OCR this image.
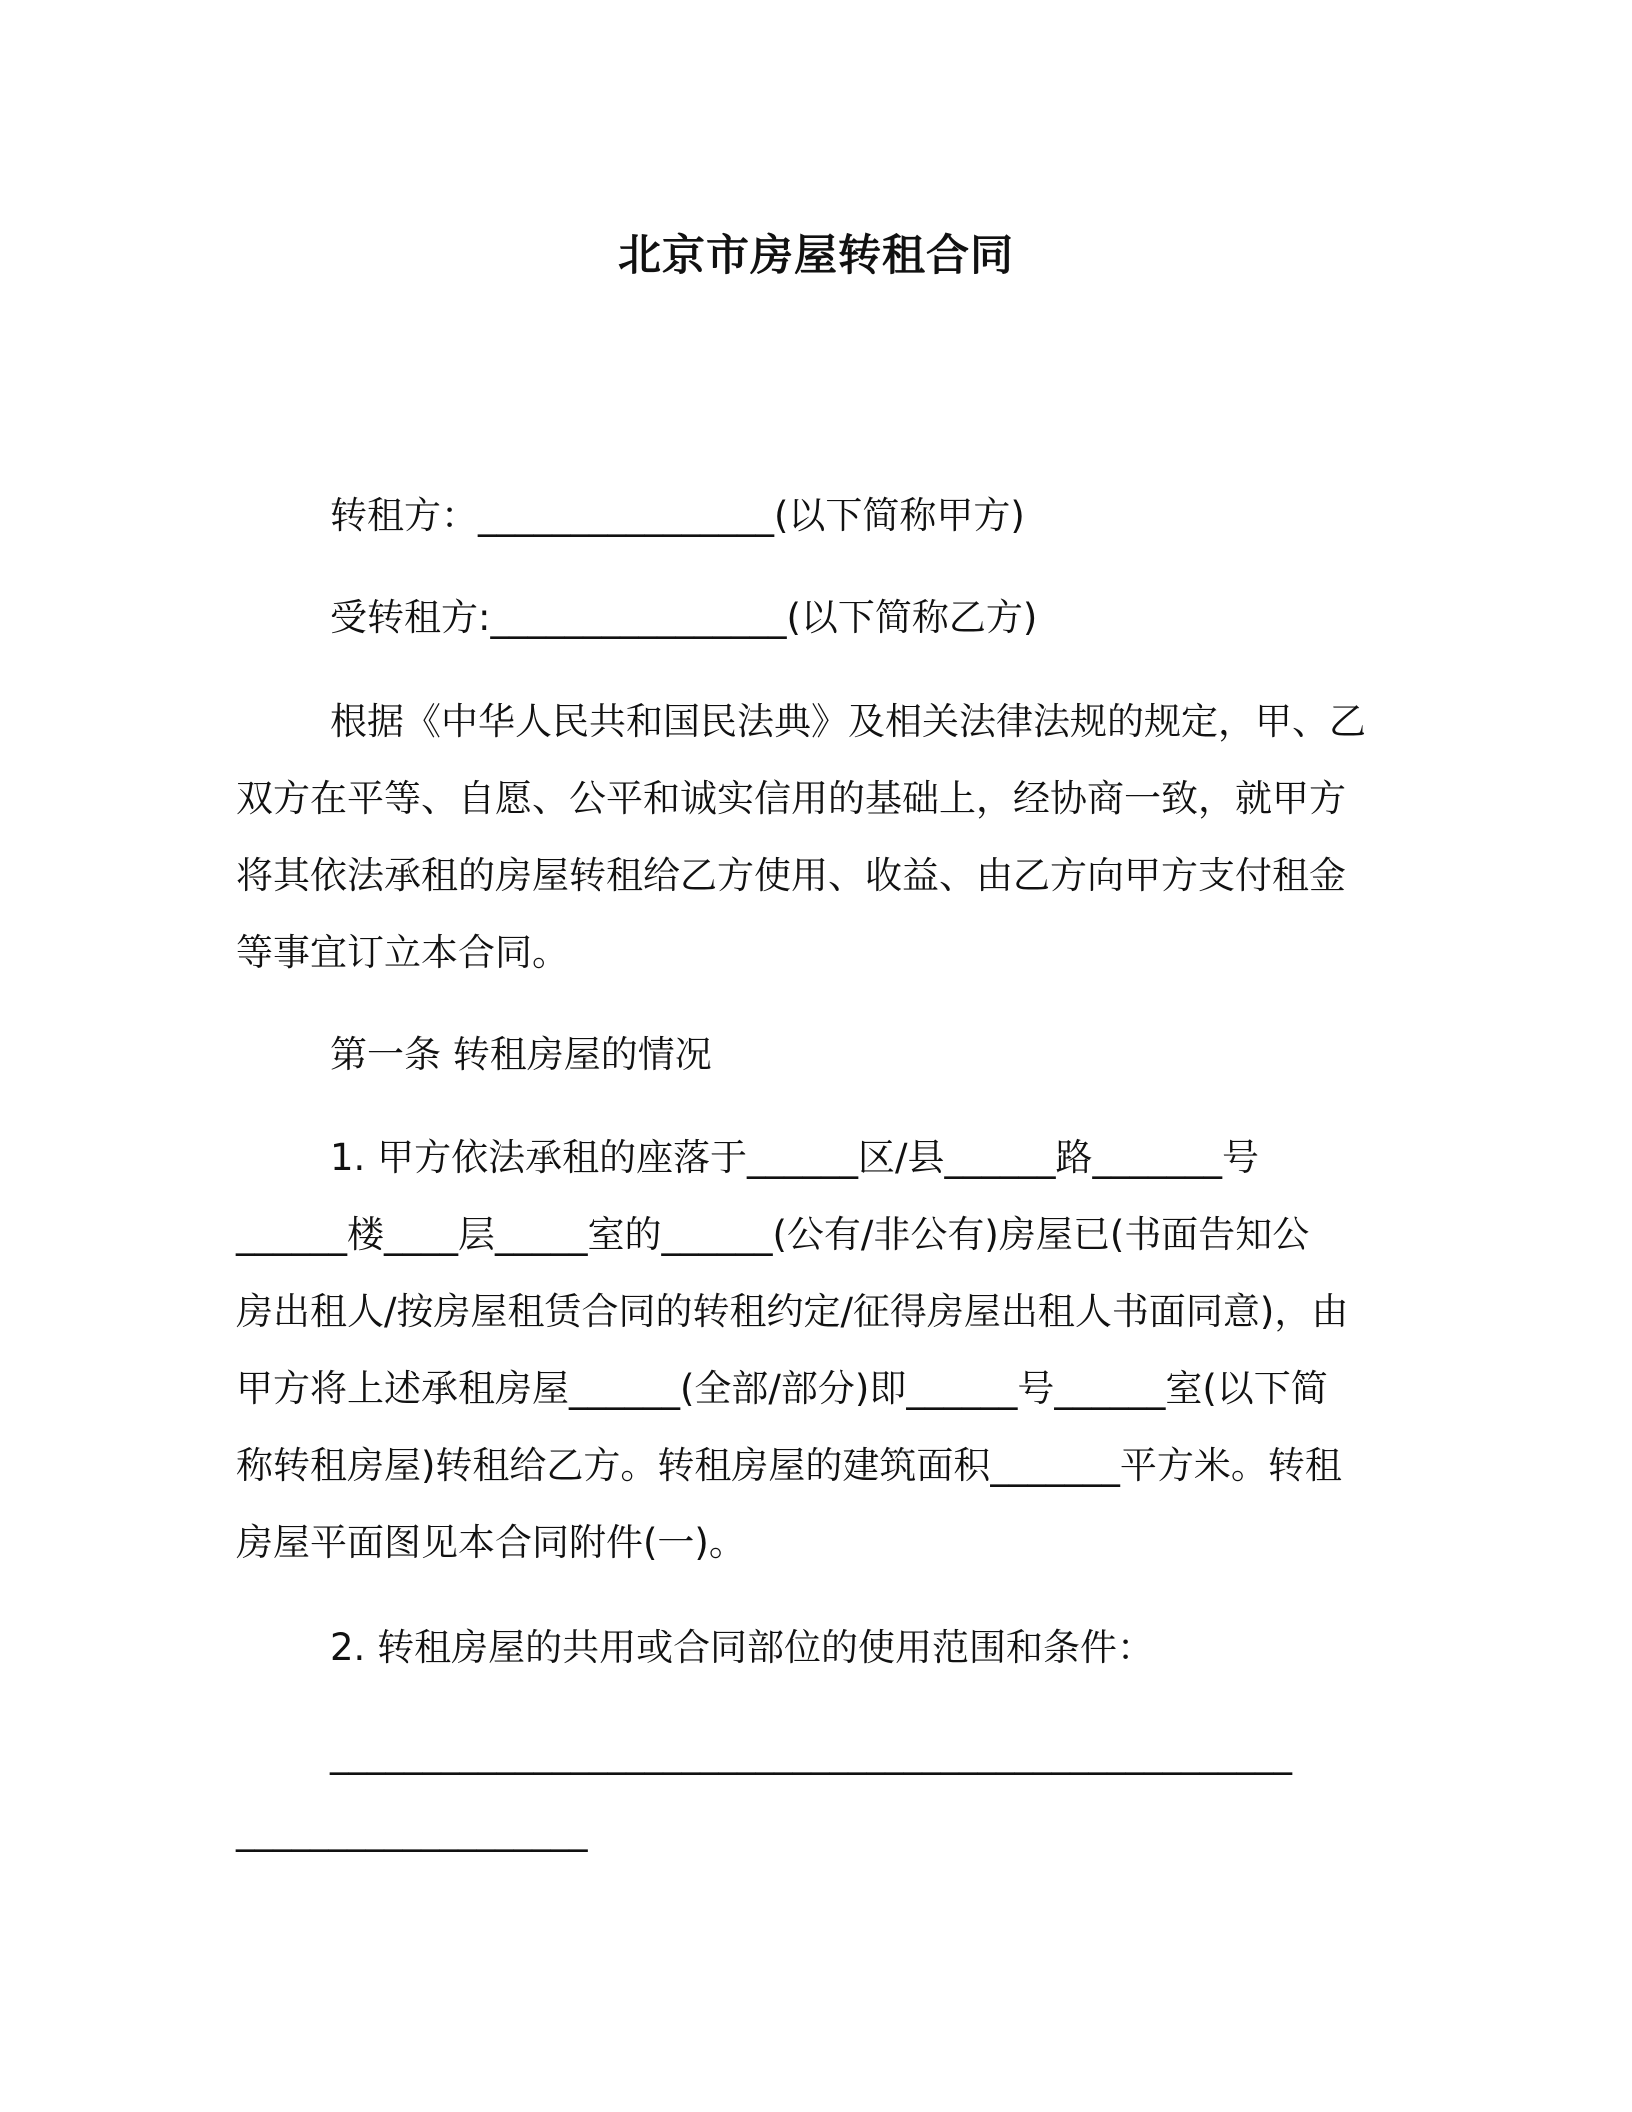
北京市房屋转租合同
转租方：________________(以下简称甲方)
受转租方:________________(以下简称乙方)
根据《中华人民共和国民法典》及相关法律法规的规定，甲、乙
双方在平等、自愿、公平和诚实信用的基础上，经协商一致，就甲方
将其依法承租的房屋转租给乙方使用、收益、由乙方向甲方支付租金
等事宜订立本合同。
第一条 转租房屋的情况
1. 甲方依法承租的座落于______区/县______路_______号
______楼____层_____室的______(公有/非公有)房屋已(书面告知公
房出租人/按房屋租赁合同的转租约定/征得房屋出租人书面同意)，由
甲方将上述承租房屋______(全部/部分)即______号______室(以下简
称转租房屋)转租给乙方。转租房屋的建筑面积_______平方米。转租
房屋平面图见本合同附件(一)。
2. 转租房屋的共用或合同部位的使用范围和条件：
____________________________________________________
___________________
